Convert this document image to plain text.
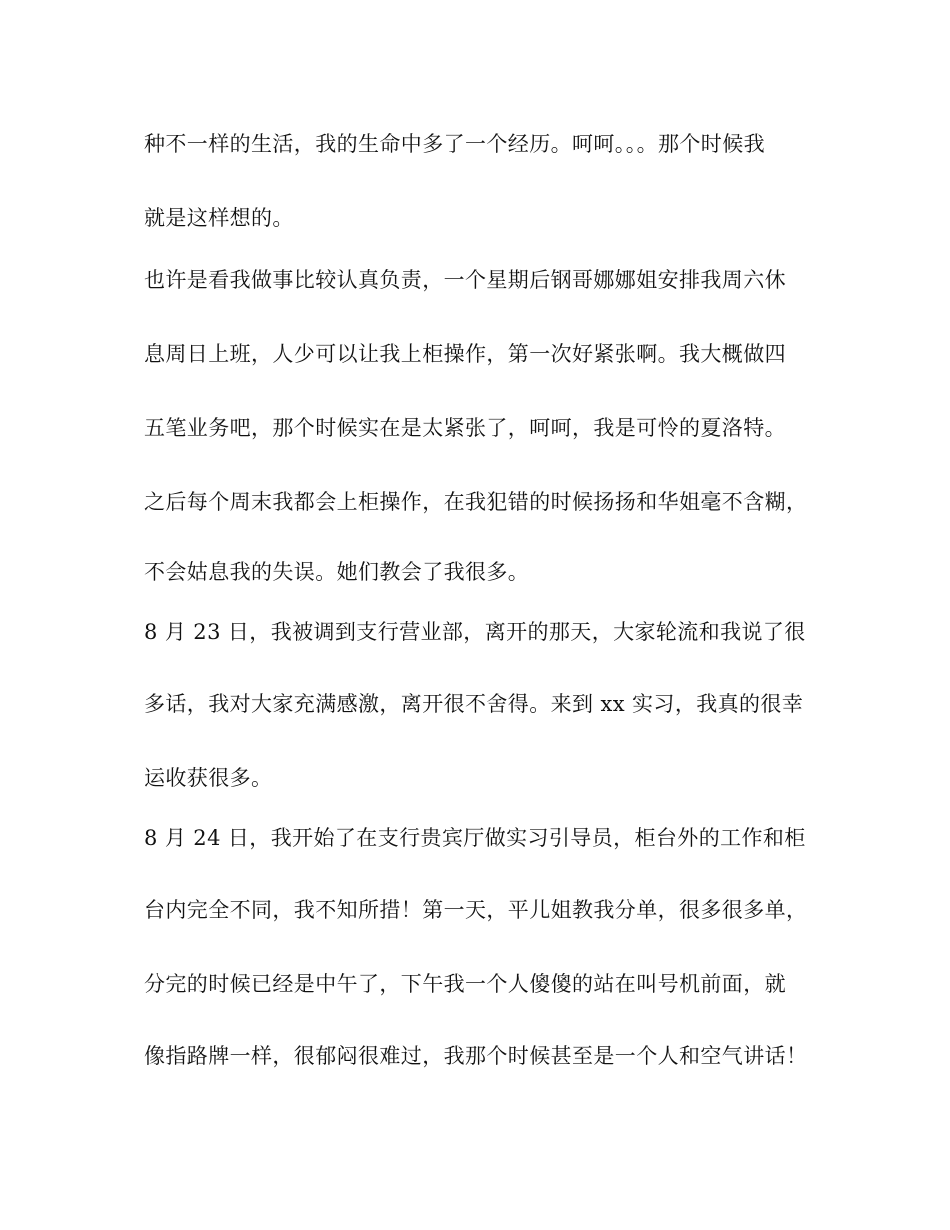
种不一样的生活，我的生命中多了一个经历。呵呵。。。那个时候我
就是这样想的。
也许是看我做事比较认真负责，一个星期后钢哥娜娜姐安排我周六休
息周日上班，人少可以让我上柜操作，第一次好紧张啊。我大概做四
五笔业务吧，那个时候实在是太紧张了，呵呵，我是可怜的夏洛特。
之后每个周末我都会上柜操作，在我犯错的时候扬扬和华姐毫不含糊，
不会姑息我的失误。她们教会了我很多。
8 月 23 日，我被调到支行营业部，离开的那天，大家轮流和我说了很
多话，我对大家充满感激，离开很不舍得。来到 xx 实习，我真的很幸
运收获很多。
8 月 24 日，我开始了在支行贵宾厅做实习引导员，柜台外的工作和柜
台内完全不同，我不知所措！第一天，平儿姐教我分单，很多很多单，
分完的时候已经是中午了，下午我一个人傻傻的站在叫号机前面，就
像指路牌一样，很郁闷很难过，我那个时候甚至是一个人和空气讲话！
